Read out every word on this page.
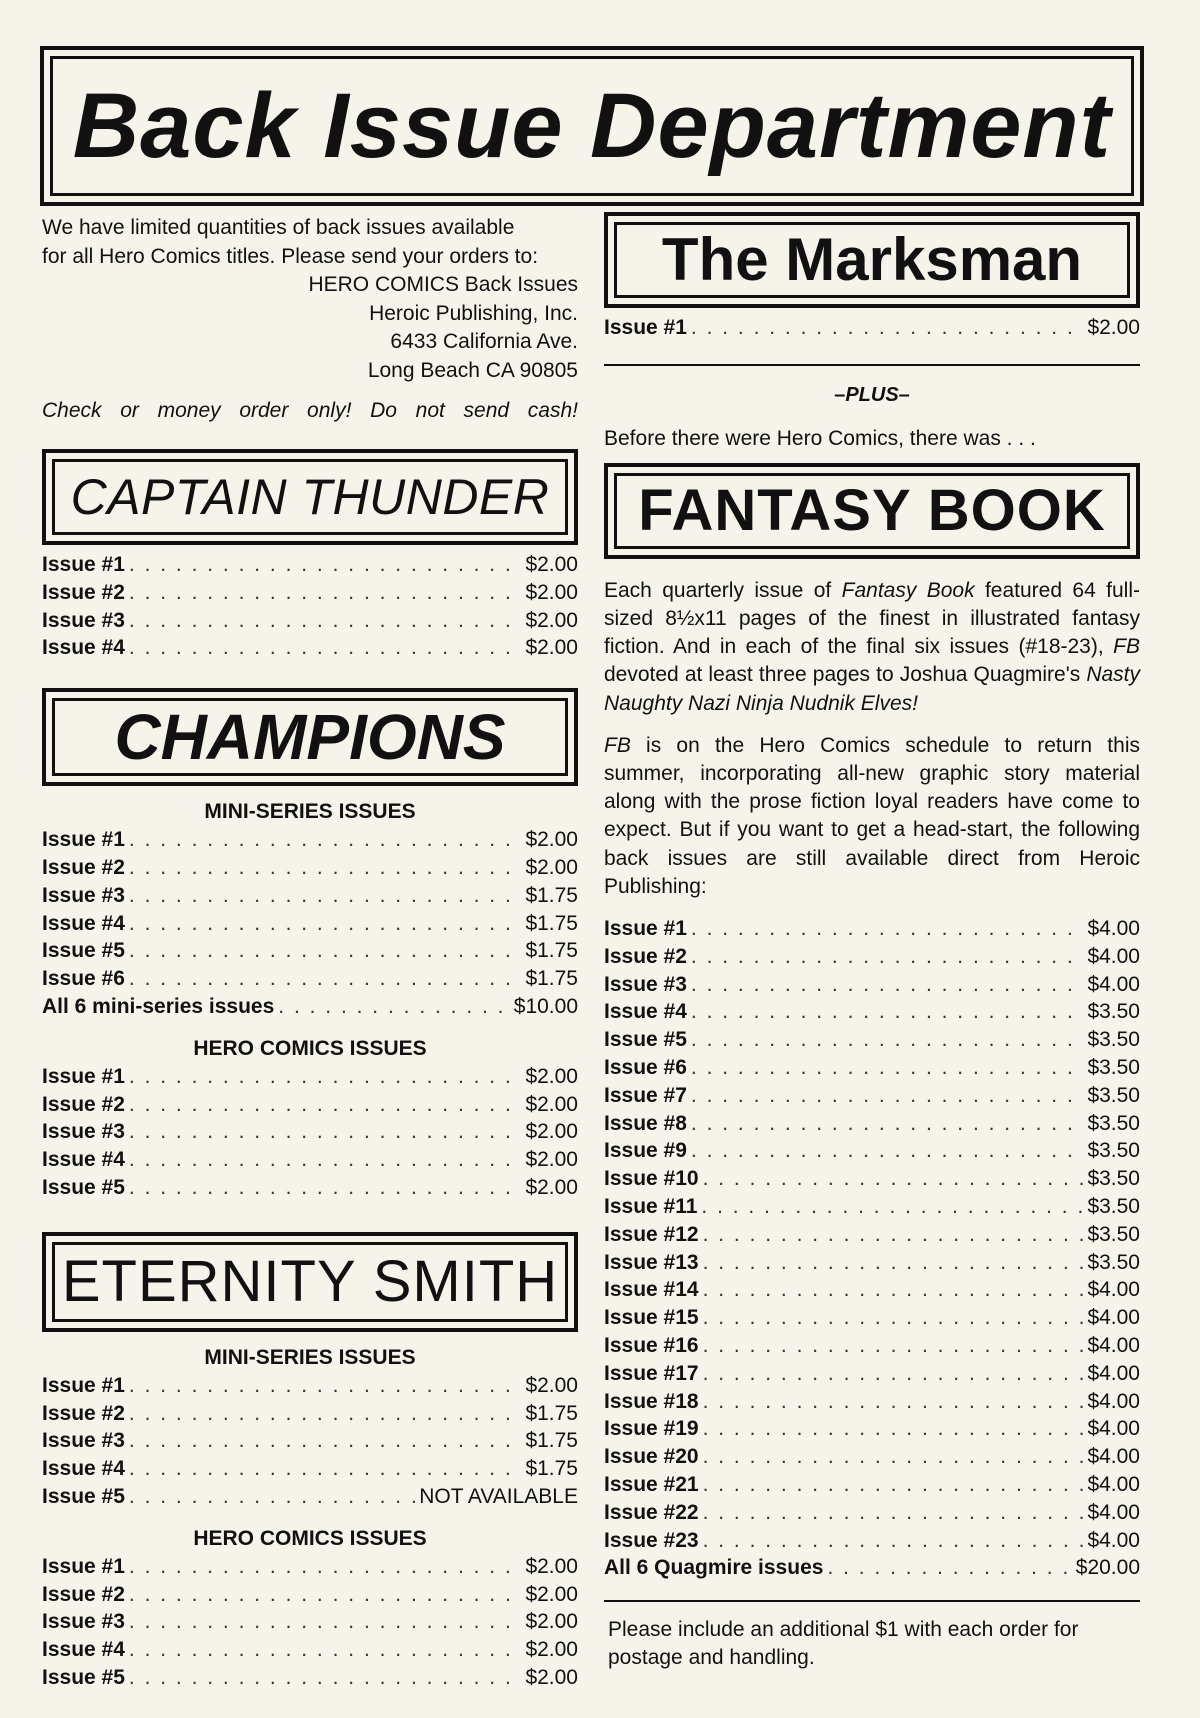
Back Issue Department

We have limited quantities of back issues available

for all Hero Comics titles. Please send your orders to:

HERO COMICS Back Issues

Heroic Publishing, Inc.

6433 California Ave.

Long Beach CA 90805

Check or money order only! Do not send cash!

CAPTAIN THUNDER
Issue #1 . . .	$2.00
Issue #2 . . .	$2.00
Issue #3 . . .	$2.00
Issue #4 . . .	$2.00
CHAMPIONS
MINI-SERIES ISSUES
Issue #1 . . .	$2.00
Issue #2 . . .	$2.00
Issue #3 . . .	$1.75
Issue #4 . . .	$1.75
Issue #5 . . .	$1.75
Issue #6 . . .	$1.75
All 6 mini-series issues . . .	$10.00
HERO COMICS ISSUES
Issue #1 . . .	$2.00
Issue #2 . . .	$2.00
Issue #3 . . .	$2.00
Issue #4 . . .	$2.00
Issue #5 . . .	$2.00
ETERNITY SMITH
MINI-SERIES ISSUES
Issue #1 . . .	$2.00
Issue #2 . . .	$1.75
Issue #3 . . .	$1.75
Issue #4 . . .	$1.75
Issue #5 . . .	NOT AVAILABLE
HERO COMICS ISSUES
Issue #1 . . .	$2.00
Issue #2 . . .	$2.00
Issue #3 . . .	$2.00
Issue #4 . . .	$2.00
Issue #5 . . .	$2.00
The Marksman
Issue #1 . . .	$2.00
–PLUS–

Before there were Hero Comics, there was . . .

FANTASY BOOK

Each quarterly issue of Fantasy Book featured 64 full-sized 8½x11 pages of the finest in illustrated fantasy fiction. And in each of the final six issues (#18-23), FB devoted at least three pages to Joshua Quagmire's Nasty Naughty Nazi Ninja Nudnik Elves!

FB is on the Hero Comics schedule to return this summer, incorporating all-new graphic story material along with the prose fiction loyal readers have come to expect. But if you want to get a head-start, the following back issues are still available direct from Heroic Publishing:

Issue #1 . . .	$4.00
Issue #2 . . .	$4.00
Issue #3 . . .	$4.00
Issue #4 . . .	$3.50
Issue #5 . . .	$3.50
Issue #6 . . .	$3.50
Issue #7 . . .	$3.50
Issue #8 . . .	$3.50
Issue #9 . . .	$3.50
Issue #10 . . .	$3.50
Issue #11 . . .	$3.50
Issue #12 . . .	$3.50
Issue #13 . . .	$3.50
Issue #14 . . .	$4.00
Issue #15 . . .	$4.00
Issue #16 . . .	$4.00
Issue #17 . . .	$4.00
Issue #18 . . .	$4.00
Issue #19 . . .	$4.00
Issue #20 . . .	$4.00
Issue #21 . . .	$4.00
Issue #22 . . .	$4.00
Issue #23 . . .	$4.00
All 6 Quagmire issues . . .	$20.00

Please include an additional $1 with each order for postage and handling.
